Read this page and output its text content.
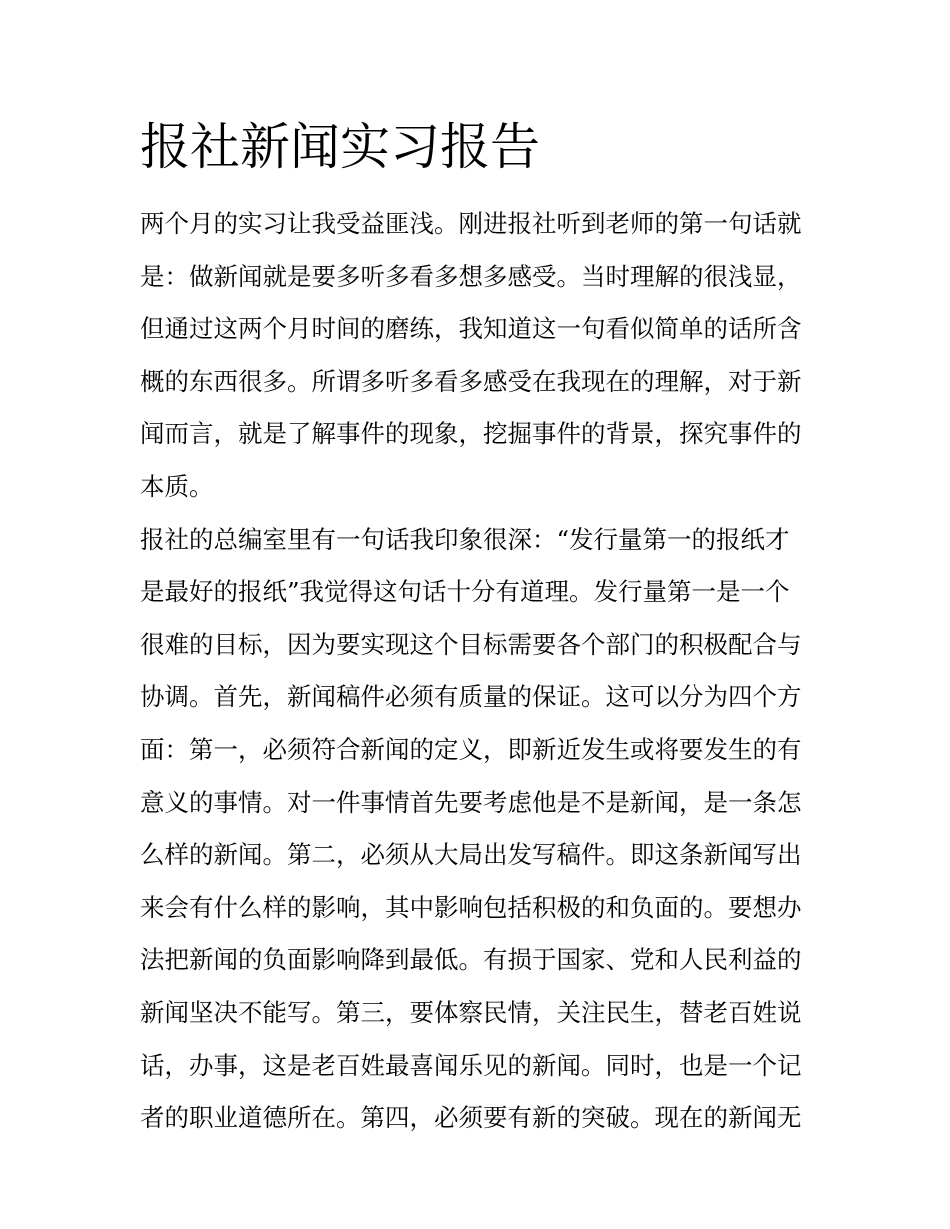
报社新闻实习报告

两个月的实习让我受益匪浅。刚进报社听到老师的第一句话就
是：做新闻就是要多听多看多想多感受。当时理解的很浅显，
但通过这两个月时间的磨练，我知道这一句看似简单的话所含
概的东西很多。所谓多听多看多感受在我现在的理解，对于新
闻而言，就是了解事件的现象，挖掘事件的背景，探究事件的
本质。

报社的总编室里有一句话我印象很深：“发行量第一的报纸才
是最好的报纸”我觉得这句话十分有道理。发行量第一是一个
很难的目标，因为要实现这个目标需要各个部门的积极配合与
协调。首先，新闻稿件必须有质量的保证。这可以分为四个方
面：第一，必须符合新闻的定义，即新近发生或将要发生的有
意义的事情。对一件事情首先要考虑他是不是新闻，是一条怎
么样的新闻。第二，必须从大局出发写稿件。即这条新闻写出
来会有什么样的影响，其中影响包括积极的和负面的。要想办
法把新闻的负面影响降到最低。有损于国家、党和人民利益的
新闻坚决不能写。第三，要体察民情，关注民生，替老百姓说
话，办事，这是老百姓最喜闻乐见的新闻。同时，也是一个记
者的职业道德所在。第四，必须要有新的突破。现在的新闻无
